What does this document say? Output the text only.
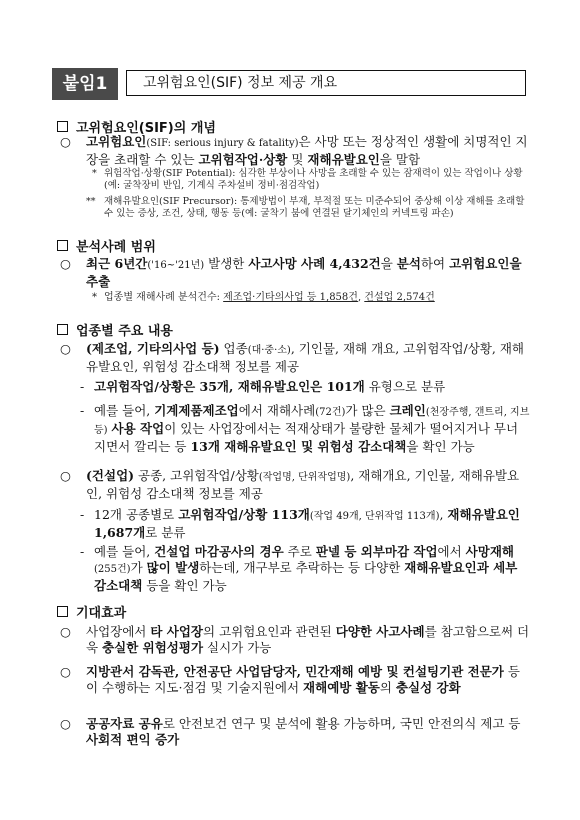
붙임1	고위험요인(SIF) 정보 제공 개요
고위험요인(SIF)의 개념
○	고위험요인(SIF: serious injury & fatality)은 사망 또는 정상적인 생활에 치명적인 지장을 초래할 수 있는 고위험작업·상황 및 재해유발요인을 말함
* 위험작업·상황(SIF Potential): 심각한 부상이나 사망을 초래할 수 있는 잠재력이 있는 작업이나 상황(예: 굴착장비 반입, 기계식 주차설비 정비·점검작업)
** 재해유발요인(SIF Precursor): 통제방법이 부재, 부적절 또는 미준수되어 중상해 이상 재해를 초래할 수 있는 증상, 조건, 상태, 행동 등(예: 굴착기 붐에 연결된 달기체인의 커넥트링 파손)
분석사례 범위
○	최근 6년간('16~'21년) 발생한 사고사망 사례 4,432건을 분석하여 고위험요인을 추출
* 업종별 재해사례 분석건수: 제조업·기타의사업 등 1,858건, 건설업 2,574건
업종별 주요 내용
○	(제조업, 기타의사업 등) 업종(대·중·소), 기인물, 재해 개요, 고위험작업/상황, 재해유발요인, 위험성 감소대책 정보를 제공
- 고위험작업/상황은 35개, 재해유발요인은 101개 유형으로 분류
- 예를 들어, 기계제품제조업에서 재해사례(72건)가 많은 크레인(천장주행, 갠트리, 지브 등) 사용 작업이 있는 사업장에서는 적재상태가 불량한 물체가 떨어지거나 무너지면서 깔리는 등 13개 재해유발요인 및 위험성 감소대책을 확인 가능
○	(건설업) 공종, 고위험작업/상황(작업명, 단위작업명), 재해개요, 기인물, 재해유발요인, 위험성 감소대책 정보를 제공
- 12개 공종별로 고위험작업/상황 113개(작업 49개, 단위작업 113개), 재해유발요인 1,687개로 분류
- 예를 들어, 건설업 마감공사의 경우 주로 판넬 등 외부마감 작업에서 사망재해(255건)가 많이 발생하는데, 개구부로 추락하는 등 다양한 재해유발요인과 세부 감소대책 등을 확인 가능
기대효과
○	사업장에서 타 사업장의 고위험요인과 관련된 다양한 사고사례를 참고함으로써 더욱 충실한 위험성평가 실시가 가능
○	지방관서 감독관, 안전공단 사업담당자, 민간재해 예방 및 컨설팅기관 전문가 등이 수행하는 지도·점검 및 기술지원에서 재해예방 활동의 충실성 강화
○	공공자료 공유로 안전보건 연구 및 분석에 활용 가능하며, 국민 안전의식 제고 등 사회적 편익 증가
